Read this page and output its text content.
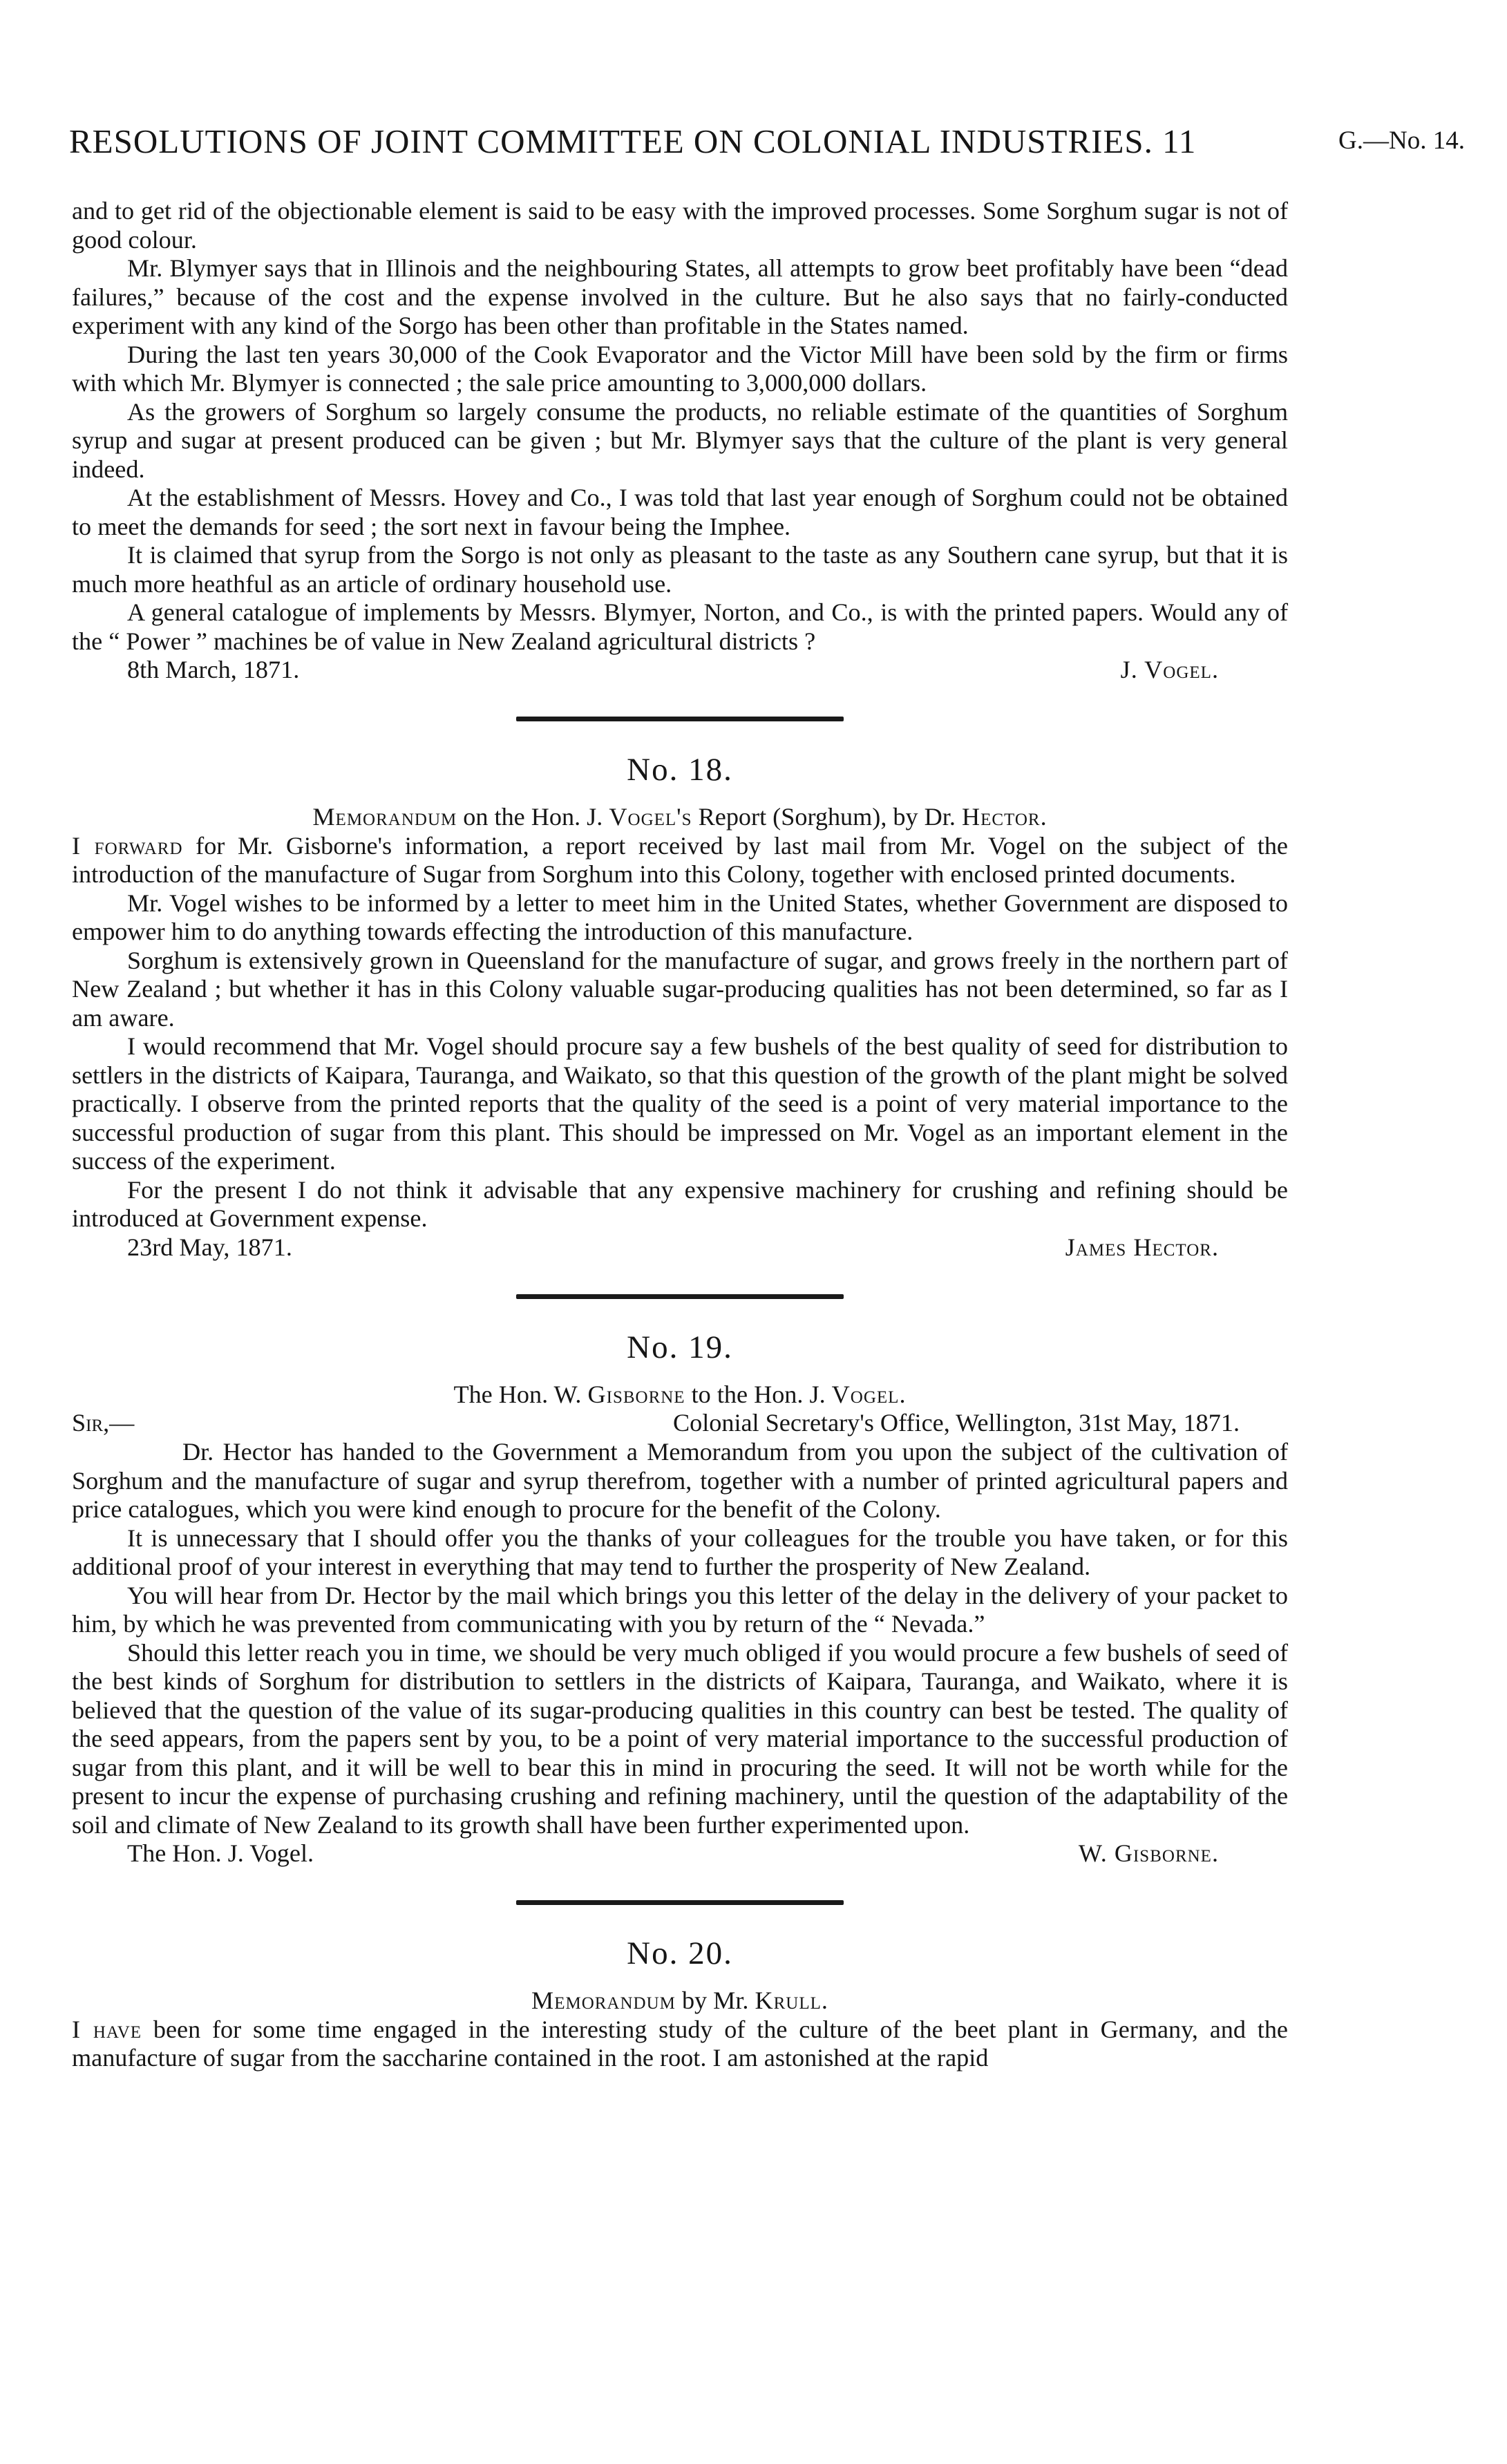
RESOLUTIONS OF JOINT COMMITTEE ON COLONIAL INDUSTRIES. 11	G.—No. 14.

and to get rid of the objectionable element is said to be easy with the improved processes. Some Sorghum sugar is not of good colour.

Mr. Blymyer says that in Illinois and the neighbouring States, all attempts to grow beet profitably have been “dead failures,” because of the cost and the expense involved in the culture. But he also says that no fairly-conducted experiment with any kind of the Sorgo has been other than profitable in the States named.

During the last ten years 30,000 of the Cook Evaporator and the Victor Mill have been sold by the firm or firms with which Mr. Blymyer is connected ; the sale price amounting to 3,000,000 dollars.

As the growers of Sorghum so largely consume the products, no reliable estimate of the quantities of Sorghum syrup and sugar at present produced can be given ; but Mr. Blymyer says that the culture of the plant is very general indeed.

At the establishment of Messrs. Hovey and Co., I was told that last year enough of Sorghum could not be obtained to meet the demands for seed ; the sort next in favour being the Imphee.

It is claimed that syrup from the Sorgo is not only as pleasant to the taste as any Southern cane syrup, but that it is much more heathful as an article of ordinary household use.

A general catalogue of implements by Messrs. Blymyer, Norton, and Co., is with the printed papers. Would any of the “ Power ” machines be of value in New Zealand agricultural districts ?

8th March, 1871.	J. Vogel.
No. 18.
Memorandum on the Hon. J. Vogel's Report (Sorghum), by Dr. Hector.

I forward for Mr. Gisborne's information, a report received by last mail from Mr. Vogel on the subject of the introduction of the manufacture of Sugar from Sorghum into this Colony, together with enclosed printed documents.

Mr. Vogel wishes to be informed by a letter to meet him in the United States, whether Government are disposed to empower him to do anything towards effecting the introduction of this manufacture.

Sorghum is extensively grown in Queensland for the manufacture of sugar, and grows freely in the northern part of New Zealand ; but whether it has in this Colony valuable sugar-producing qualities has not been determined, so far as I am aware.

I would recommend that Mr. Vogel should procure say a few bushels of the best quality of seed for distribution to settlers in the districts of Kaipara, Tauranga, and Waikato, so that this question of the growth of the plant might be solved practically. I observe from the printed reports that the quality of the seed is a point of very material importance to the successful production of sugar from this plant. This should be impressed on Mr. Vogel as an important element in the success of the experiment.

For the present I do not think it advisable that any expensive machinery for crushing and refining should be introduced at Government expense.

23rd May, 1871.	James Hector.
No. 19.
The Hon. W. Gisborne to the Hon. J. Vogel.
Sir,—	Colonial Secretary's Office, Wellington, 31st May, 1871.

Dr. Hector has handed to the Government a Memorandum from you upon the subject of the cultivation of Sorghum and the manufacture of sugar and syrup therefrom, together with a number of printed agricultural papers and price catalogues, which you were kind enough to procure for the benefit of the Colony.

It is unnecessary that I should offer you the thanks of your colleagues for the trouble you have taken, or for this additional proof of your interest in everything that may tend to further the prosperity of New Zealand.

You will hear from Dr. Hector by the mail which brings you this letter of the delay in the delivery of your packet to him, by which he was prevented from communicating with you by return of the “ Nevada.”

Should this letter reach you in time, we should be very much obliged if you would procure a few bushels of seed of the best kinds of Sorghum for distribution to settlers in the districts of Kaipara, Tauranga, and Waikato, where it is believed that the question of the value of its sugar-producing qualities in this country can best be tested. The quality of the seed appears, from the papers sent by you, to be a point of very material importance to the successful production of sugar from this plant, and it will be well to bear this in mind in procuring the seed. It will not be worth while for the present to incur the expense of purchasing crushing and refining machinery, until the question of the adaptability of the soil and climate of New Zealand to its growth shall have been further experimented upon.

The Hon. J. Vogel.	W. Gisborne.
No. 20.
Memorandum by Mr. Krull.

I have been for some time engaged in the interesting study of the culture of the beet plant in Germany, and the manufacture of sugar from the saccharine contained in the root. I am astonished at the rapid
